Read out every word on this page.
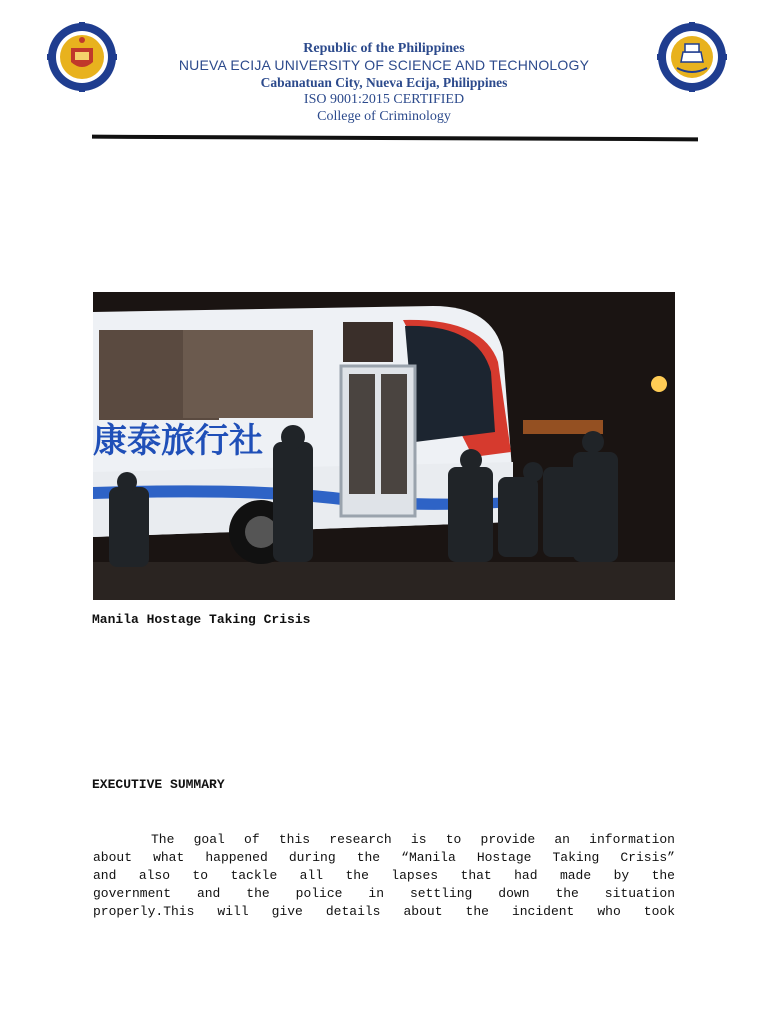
Republic of the Philippines
NUEVA ECIJA UNIVERSITY OF SCIENCE AND TECHNOLOGY
Cabanatuan City, Nueva Ecija, Philippines
ISO 9001:2015 CERTIFIED
College of Criminology
康泰旅行社
Manila Hostage Taking Crisis
EXECUTIVE SUMMARY
The goal of this research is to provide an information
about what happened during the “Manila Hostage Taking Crisis”
and also to tackle all the lapses that had made by the
government and the police in settling down the situation
properly.This will give details about the incident who took
